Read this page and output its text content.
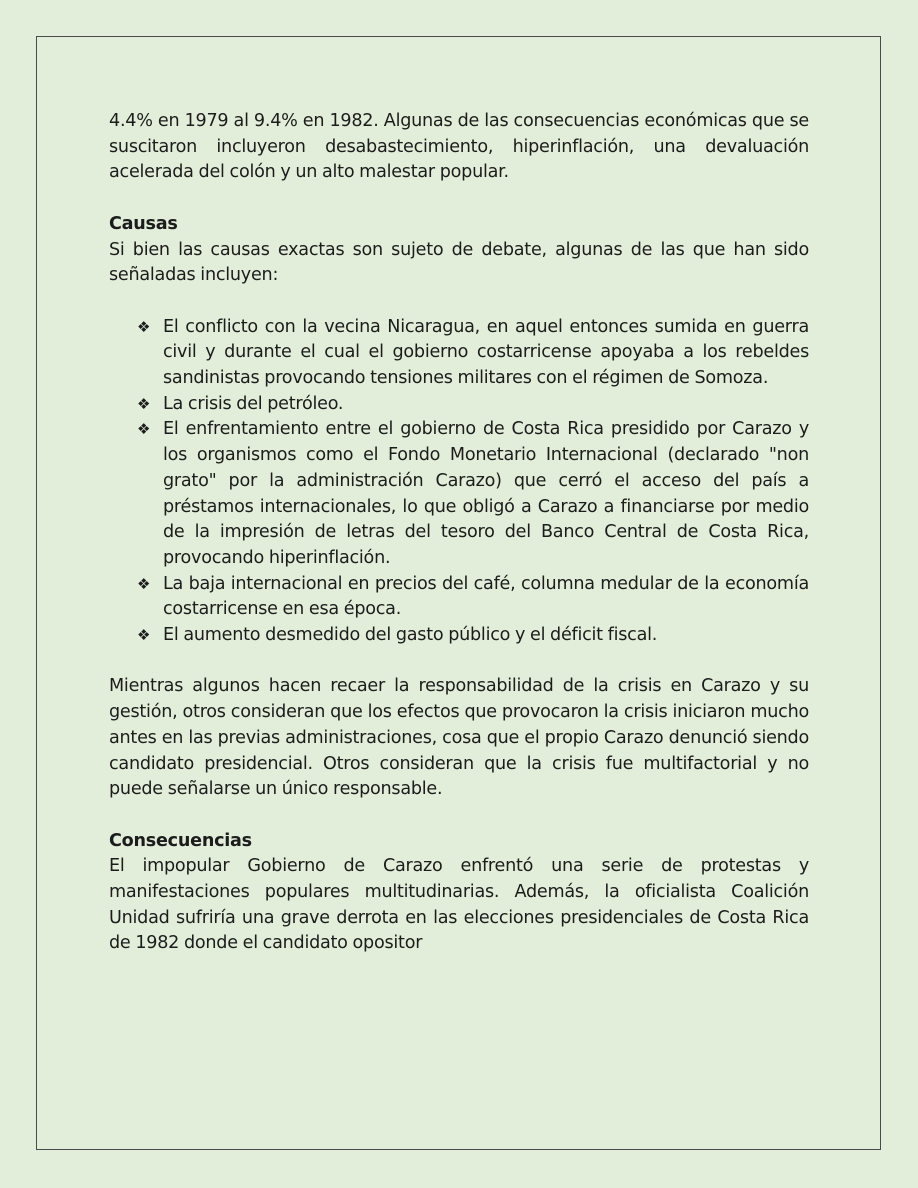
4.4% en 1979 al 9.4% en 1982. Algunas de las consecuencias económicas que se suscitaron incluyeron desabastecimiento, hiperinflación, una devaluación acelerada del colón y un alto malestar popular.

Causas

Si bien las causas exactas son sujeto de debate, algunas de las que han sido señaladas incluyen:

❖ El conflicto con la vecina Nicaragua, en aquel entonces sumida en guerra civil y durante el cual el gobierno costarricense apoyaba a los rebeldes sandinistas provocando tensiones militares con el régimen de Somoza.
❖ La crisis del petróleo.
❖ El enfrentamiento entre el gobierno de Costa Rica presidido por Carazo y los organismos como el Fondo Monetario Internacional (declarado "non grato" por la administración Carazo) que cerró el acceso del país a préstamos internacionales, lo que obligó a Carazo a financiarse por medio de la impresión de letras del tesoro del Banco Central de Costa Rica, provocando hiperinflación.
❖ La baja internacional en precios del café, columna medular de la economía costarricense en esa época.
❖ El aumento desmedido del gasto público y el déficit fiscal.

Mientras algunos hacen recaer la responsabilidad de la crisis en Carazo y su gestión, otros consideran que los efectos que provocaron la crisis iniciaron mucho antes en las previas administraciones, cosa que el propio Carazo denunció siendo candidato presidencial. Otros consideran que la crisis fue multifactorial y no puede señalarse un único responsable.

Consecuencias

El impopular Gobierno de Carazo enfrentó una serie de protestas y manifestaciones populares multitudinarias. Además, la oficialista Coalición Unidad sufriría una grave derrota en las elecciones presidenciales de Costa Rica de 1982 donde el candidato opositor
